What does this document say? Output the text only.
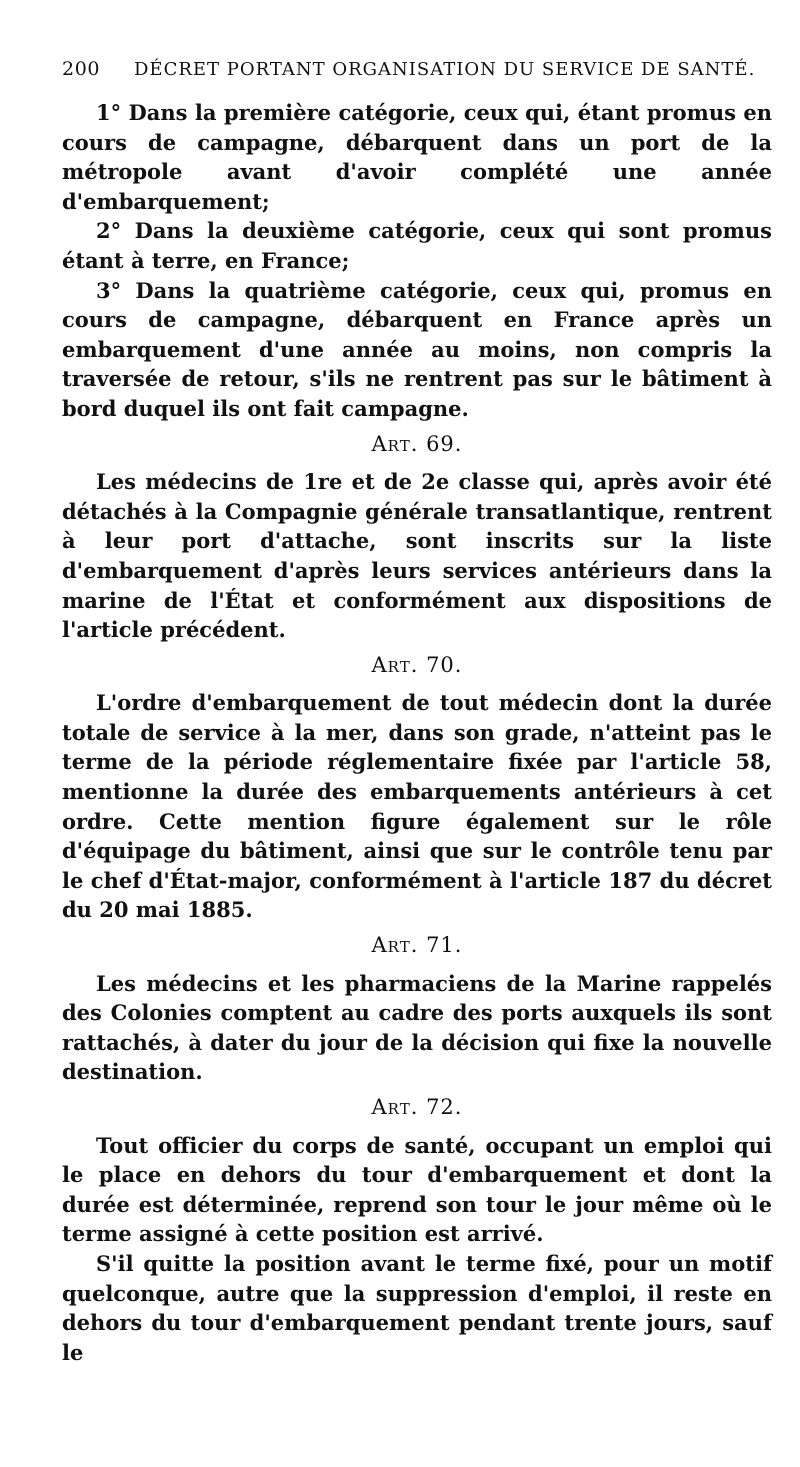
200	DÉCRET PORTANT ORGANISATION DU SERVICE DE SANTÉ.

1° Dans la première catégorie, ceux qui, étant promus en cours de campagne, débarquent dans un port de la métropole avant d'avoir complété une année d'embarquement;

2° Dans la deuxième catégorie, ceux qui sont promus étant à terre, en France;

3° Dans la quatrième catégorie, ceux qui, promus en cours de campagne, débarquent en France après un embarquement d'une année au moins, non compris la traversée de retour, s'ils ne rentrent pas sur le bâtiment à bord duquel ils ont fait campagne.

Art. 69.

Les médecins de 1re et de 2e classe qui, après avoir été détachés à la Compagnie générale transatlantique, rentrent à leur port d'attache, sont inscrits sur la liste d'embarquement d'après leurs services antérieurs dans la marine de l'État et conformément aux dispositions de l'article précédent.

Art. 70.

L'ordre d'embarquement de tout médecin dont la durée totale de service à la mer, dans son grade, n'atteint pas le terme de la période réglementaire fixée par l'article 58, mentionne la durée des embarquements antérieurs à cet ordre. Cette mention figure également sur le rôle d'équipage du bâtiment, ainsi que sur le contrôle tenu par le chef d'État-major, conformément à l'article 187 du décret du 20 mai 1885.

Art. 71.

Les médecins et les pharmaciens de la Marine rappelés des Colonies comptent au cadre des ports auxquels ils sont rattachés, à dater du jour de la décision qui fixe la nouvelle destination.

Art. 72.

Tout officier du corps de santé, occupant un emploi qui le place en dehors du tour d'embarquement et dont la durée est déterminée, reprend son tour le jour même où le terme assigné à cette position est arrivé.

S'il quitte la position avant le terme fixé, pour un motif quelconque, autre que la suppression d'emploi, il reste en dehors du tour d'embarquement pendant trente jours, sauf le
